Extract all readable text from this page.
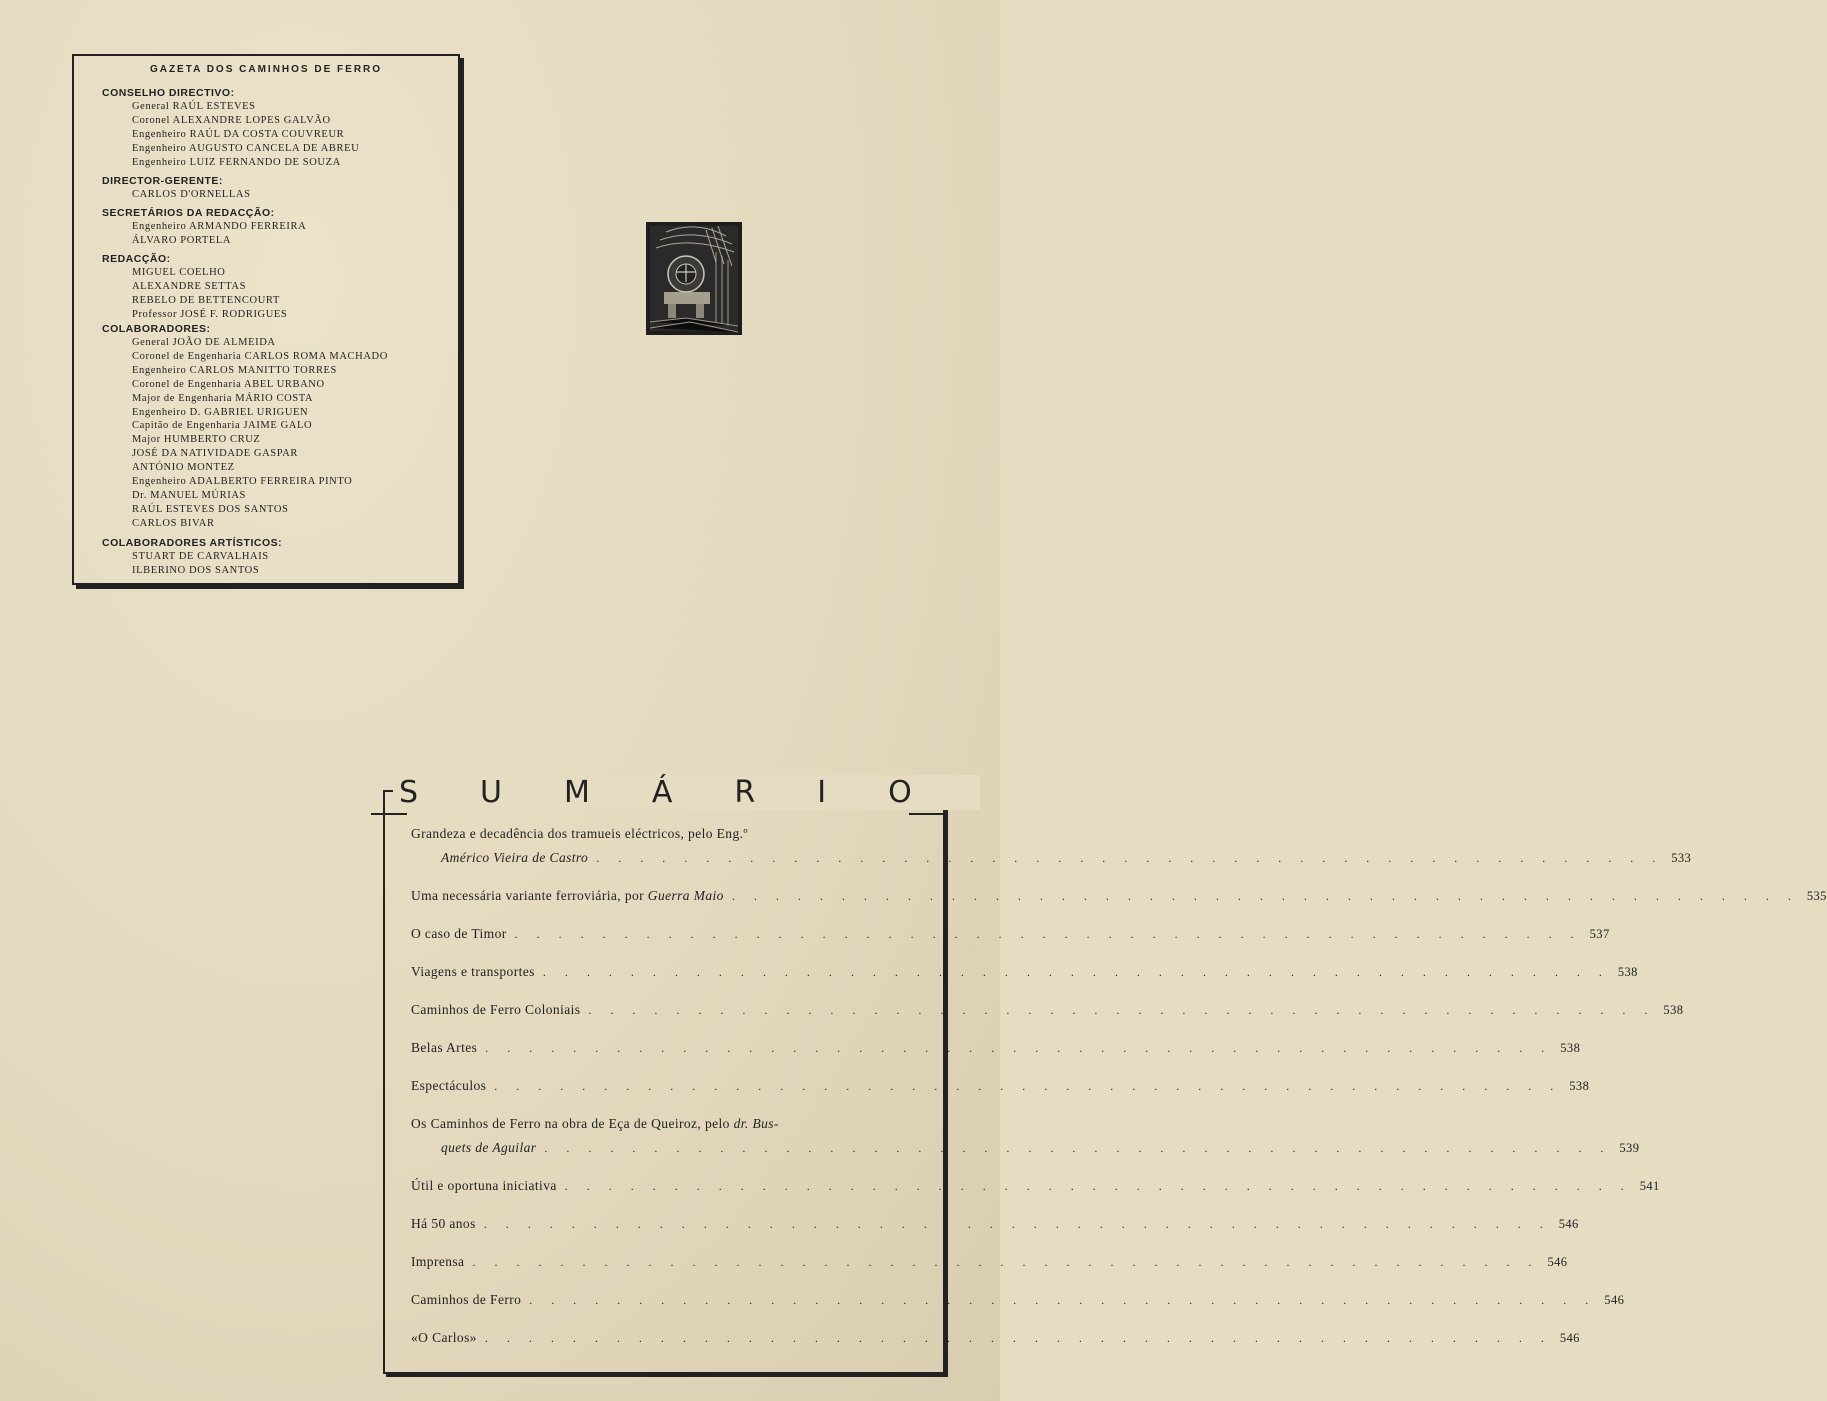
GAZETA DOS CAMINHOS DE FERRO
CONSELHO DIRECTIVO:
General RAÚL ESTEVES
Coronel ALEXANDRE LOPES GALVÃO
Engenheiro RAÚL DA COSTA COUVREUR
Engenheiro AUGUSTO CANCELA DE ABREU
Engenheiro LUIZ FERNANDO DE SOUZA
DIRECTOR-GERENTE:
CARLOS D'ORNELLAS
SECRETÁRIOS DA REDACÇÃO:
Engenheiro ARMANDO FERREIRA
ÁLVARO PORTELA
REDACÇÃO:
MIGUEL COELHO
ALEXANDRE SETTAS
REBELO DE BETTENCOURT
Professor JOSÉ F. RODRIGUES
COLABORADORES:
General JOÃO DE ALMEIDA
Coronel de Engenharia CARLOS ROMA MACHADO
Engenheiro CARLOS MANITTO TORRES
Coronel de Engenharia ABEL URBANO
Major de Engenharia MÁRIO COSTA
Engenheiro D. GABRIEL URIGUEN
Capitão de Engenharia JAIME GALO
Major HUMBERTO CRUZ
JOSÉ DA NATIVIDADE GASPAR
ANTÓNIO MONTEZ
Engenheiro ADALBERTO FERREIRA PINTO
Dr. MANUEL MÚRIAS
RAÚL ESTEVES DOS SANTOS
CARLOS BIVAR
COLABORADORES ARTÍSTICOS:
STUART DE CARVALHAIS
ILBERINO DOS SANTOS
SUMÁRIO
Grandeza e decadência dos tramueis eléctricos, pelo Eng.º
Américo Vieira de Castro . . . . . . . . . . . . . . . . . . . . . . . . . . . . . . . . . . . . . . . . . . . . . . . . . 533
Uma necessária variante ferroviária, por Guerra Maio . . . . . . . . . . . . . . . . . . . . . . . . . . . . . . . . . . . . . . . . . . . . . . . . . 535
O caso de Timor . . . . . . . . . . . . . . . . . . . . . . . . . . . . . . . . . . . . . . . . . . . . . . . . . 537
Viagens e transportes . . . . . . . . . . . . . . . . . . . . . . . . . . . . . . . . . . . . . . . . . . . . . . . . . 538
Caminhos de Ferro Coloniais . . . . . . . . . . . . . . . . . . . . . . . . . . . . . . . . . . . . . . . . . . . . . . . . . 538
Belas Artes . . . . . . . . . . . . . . . . . . . . . . . . . . . . . . . . . . . . . . . . . . . . . . . . . 538
Espectáculos . . . . . . . . . . . . . . . . . . . . . . . . . . . . . . . . . . . . . . . . . . . . . . . . . 538
Os Caminhos de Ferro na obra de Eça de Queiroz, pelo dr. Bus-
quets de Aguilar . . . . . . . . . . . . . . . . . . . . . . . . . . . . . . . . . . . . . . . . . . . . . . . . . 539
Útil e oportuna iniciativa . . . . . . . . . . . . . . . . . . . . . . . . . . . . . . . . . . . . . . . . . . . . . . . . . 541
Há 50 anos . . . . . . . . . . . . . . . . . . . . . . . . . . . . . . . . . . . . . . . . . . . . . . . . . 546
Imprensa . . . . . . . . . . . . . . . . . . . . . . . . . . . . . . . . . . . . . . . . . . . . . . . . . 546
Caminhos de Ferro . . . . . . . . . . . . . . . . . . . . . . . . . . . . . . . . . . . . . . . . . . . . . . . . . 546
«O Carlos» . . . . . . . . . . . . . . . . . . . . . . . . . . . . . . . . . . . . . . . . . . . . . . . . . 546
